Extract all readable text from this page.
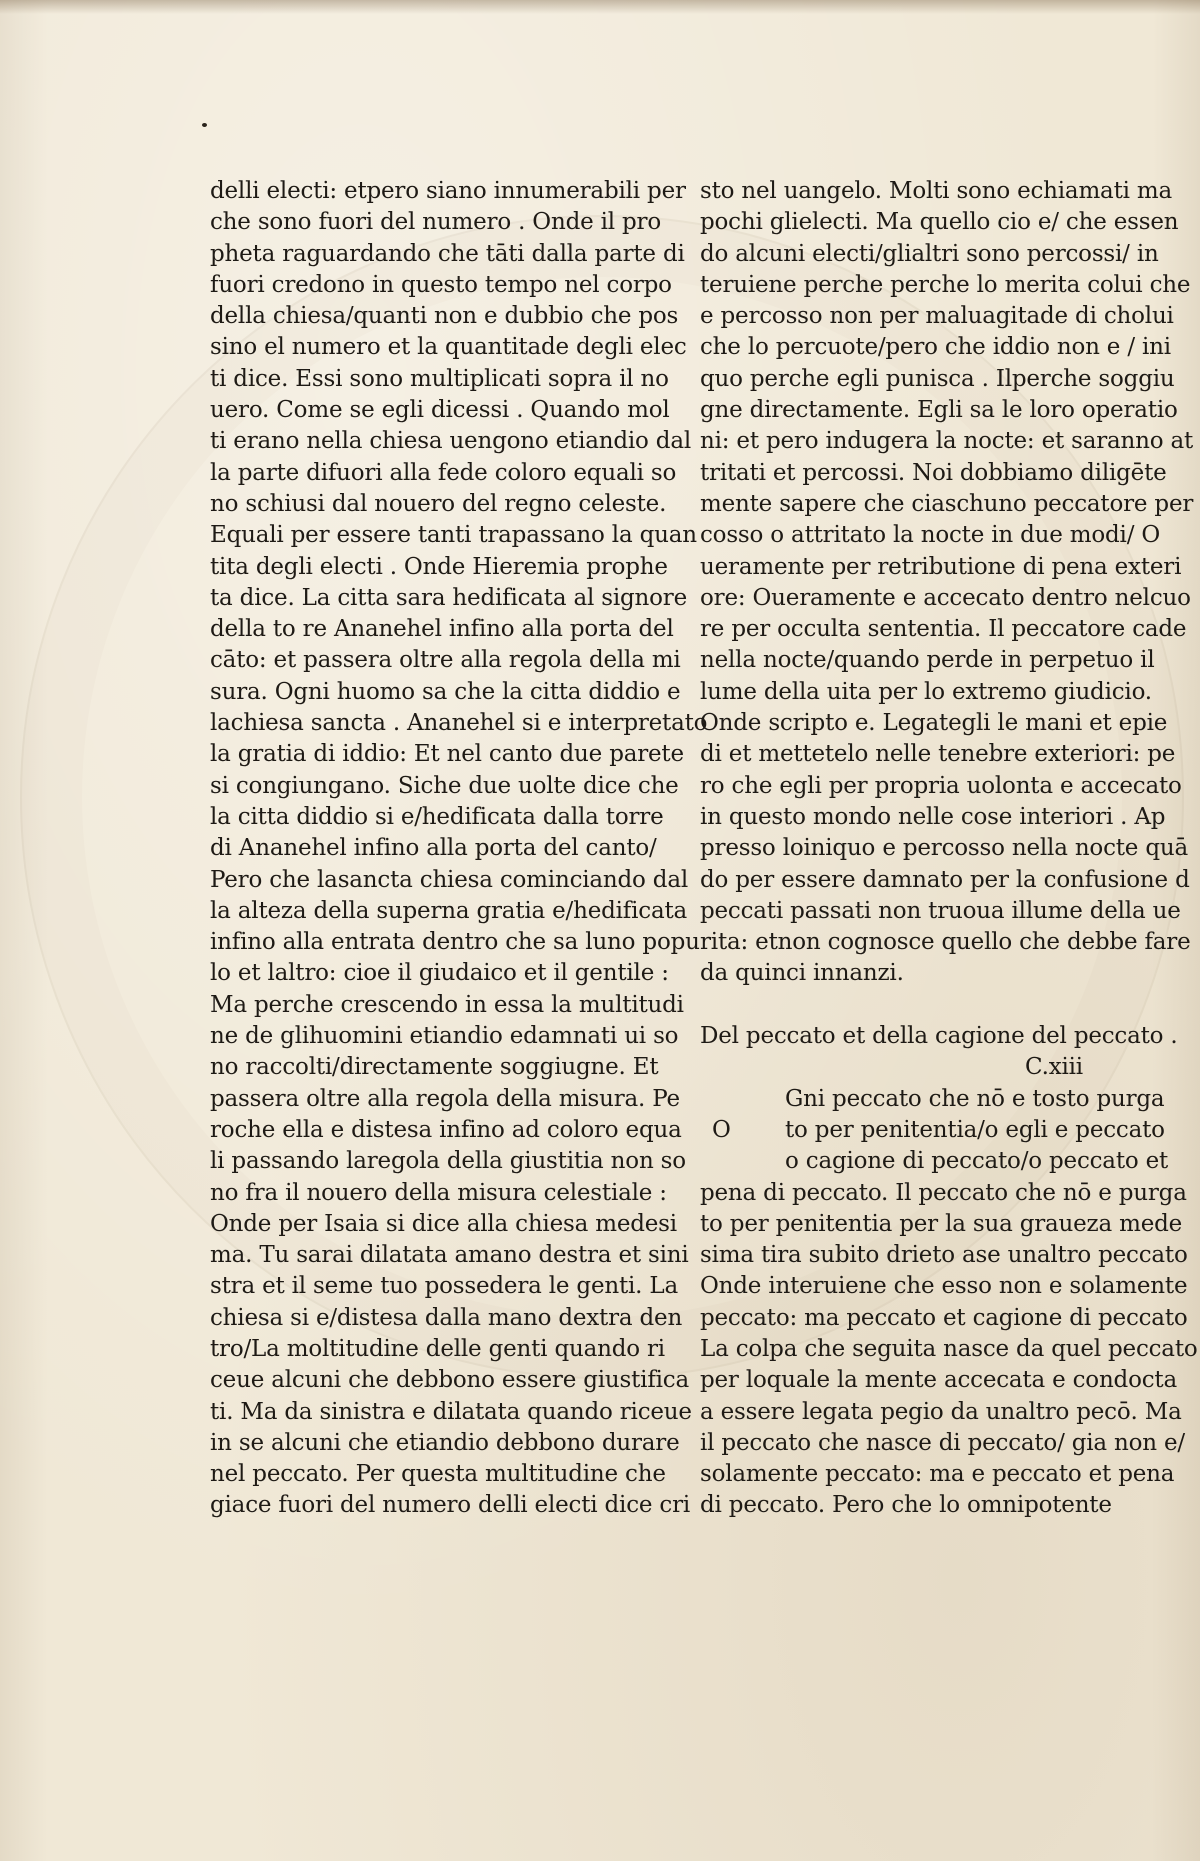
delli electi: etpero siano innumerabili per
che sono fuori del numero . Onde il pro
pheta raguardando che tāti dalla parte di
fuori credono in questo tempo nel corpo
della chiesa/quanti non e dubbio che pos
sino el numero et la quantitade degli elec
ti dice. Essi sono multiplicati sopra il no
uero. Come se egli dicessi . Quando mol
ti erano nella chiesa uengono etiandio dal
la parte difuori alla fede coloro equali so
no schiusi dal nouero del regno celeste.
Equali per essere tanti trapassano la quan
tita degli electi . Onde Hieremia prophe
ta dice. La citta sara hedificata al signore
della to re Ananehel infino alla porta del
cāto: et passera oltre alla regola della mi
sura. Ogni huomo sa che la citta diddio e
lachiesa sancta . Ananehel si e interpretato
la gratia di iddio: Et nel canto due parete
si congiungano. Siche due uolte dice che
la citta diddio si e/hedificata dalla torre
di Ananehel infino alla porta del canto/
Pero che lasancta chiesa cominciando dal
la alteza della superna gratia e/hedificata
infino alla entrata dentro che sa luno popu
lo et laltro: cioe il giudaico et il gentile :
Ma perche crescendo in essa la multitudi
ne de glihuomini etiandio edamnati ui so
no raccolti/directamente soggiugne. Et
passera oltre alla regola della misura. Pe
roche ella e distesa infino ad coloro equa
li passando laregola della giustitia non so
no fra il nouero della misura celestiale :
Onde per Isaia si dice alla chiesa medesi
ma. Tu sarai dilatata amano destra et sini
stra et il seme tuo possedera le genti. La
chiesa si e/distesa dalla mano dextra den
tro/La moltitudine delle genti quando ri
ceue alcuni che debbono essere giustifica
ti. Ma da sinistra e dilatata quando riceue
in se alcuni che etiandio debbono durare
nel peccato. Per questa multitudine che
giace fuori del numero delli electi dice cri
sto nel uangelo. Molti sono echiamati ma
pochi glielecti. Ma quello cio e/ che essen
do alcuni electi/glialtri sono percossi/ in
teruiene perche perche lo merita colui che
e percosso non per maluagitade di cholui
che lo percuote/pero che iddio non e / ini
quo perche egli punisca . Ilperche soggiu
gne directamente. Egli sa le loro operatio
ni: et pero indugera la nocte: et saranno at
tritati et percossi. Noi dobbiamo diligēte
mente sapere che ciaschuno peccatore per
cosso o attritato la nocte in due modi/ O
ueramente per retributione di pena exteri
ore: Oueramente e accecato dentro nelcuo
re per occulta sententia. Il peccatore cade
nella nocte/quando perde in perpetuo il
lume della uita per lo extremo giudicio.
Onde scripto e. Legategli le mani et epie
di et mettetelo nelle tenebre exteriori: pe
ro che egli per propria uolonta e accecato
in questo mondo nelle cose interiori . Ap
presso loiniquo e percosso nella nocte quā
do per essere damnato per la confusione d
peccati passati non truoua illume della ue
rita: etnon cognosce quello che debbe fare
da quinci innanzi.
Del peccato et della cagione del peccato .
C.xiii
O
Gni peccato che nō e tosto purga
to per penitentia/o egli e peccato
o cagione di peccato/o peccato et
pena di peccato. Il peccato che nō e purga
to per penitentia per la sua graueza mede
sima tira subito drieto ase unaltro peccato
Onde interuiene che esso non e solamente
peccato: ma peccato et cagione di peccato
La colpa che seguita nasce da quel peccato
per loquale la mente accecata e condocta
a essere legata pegio da unaltro pecō. Ma
il peccato che nasce di peccato/ gia non e/
solamente peccato: ma e peccato et pena
di peccato. Pero che lo omnipotente
